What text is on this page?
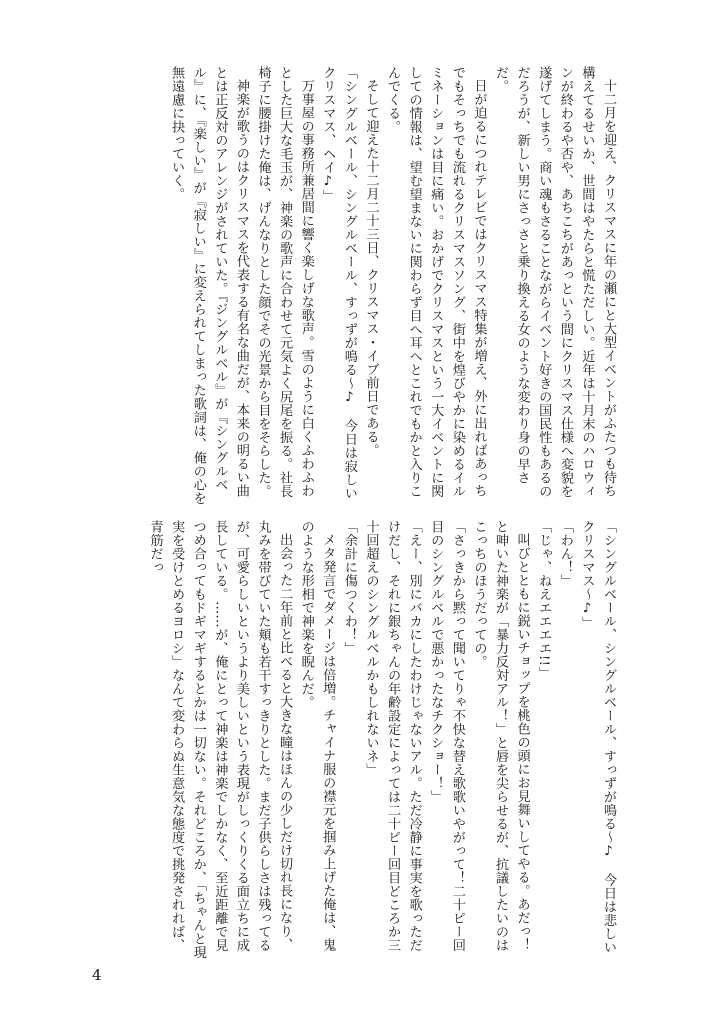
十二月を迎え、クリスマスに年の瀬にと大型イベントがふたつも待ち構えてるせいか、世間はやたらと慌ただしい。近年は十月末のハロウィンが終わるや否や、あちこちがあっという間にクリスマス仕様へ変貌を遂げてしまう。商い魂もさることながらイベント好きの国民性もあるのだろうが、新しい男にさっさと乗り換える女のような変わり身の早さだ。

日が迫るにつれテレビではクリスマス特集が増え、外に出ればあっちでもそっちでも流れるクリスマスソング、街中を煌びやかに染めるイルミネーションは目に痛い。おかげでクリスマスという一大イベントに関しての情報は、望む望まないに関わらず目へ耳へとこれでもかと入りこんでくる。

そして迎えた十二月二十三日、クリスマス・イブ前日である。

「シングルベール、シングルベール、すっずが鳴る〜♪　今日は寂しいクリスマス、ヘイ♪」

万事屋の事務所兼居間に響く楽しげな歌声。雪のように白くふわふわとした巨大な毛玉が、神楽の歌声に合わせて元気よく尻尾を振る。社長椅子に腰掛けた俺は、げんなりとした顔でその光景から目をそらした。

神楽が歌うのはクリスマスを代表する有名な曲だが、本来の明るい曲とは正反対のアレンジがされていた。『ジングルベル』が『シングルベル』に、『楽しい』が『寂しい』に変えられてしまった歌詞は、俺の心を無遠慮に抉っていく。

「シングルベール、シングルベール、すっずが鳴る〜♪　今日は悲しいクリスマス〜♪」

「わん！」

「じゃ、ねえエエエエ!!」

叫びとともに鋭いチョップを桃色の頭にお見舞いしてやる。あだっ！と呻いた神楽が「暴力反対アル！」と唇を尖らせるが、抗議したいのはこっちのほうだっての。

「さっきから黙って聞いてりゃ不快な替え歌歌いやがって！二十ピー回目のシングルベルで悪かったなチクショー！」

「えー、別にバカにしたわけじゃないアル。ただ冷静に事実を歌っただけだし、それに銀ちゃんの年齢設定によっては二十ピー回目どころか三十回超えのシングルベルかもしれないネ」

「余計に傷つくわ！」

メタ発言でダメージは倍増。チャイナ服の襟元を掴み上げた俺は、鬼のような形相で神楽を睨んだ。

出会った二年前と比べると大きな瞳はほんの少しだけ切れ長になり、丸みを帯びていた頬も若干すっきりとした。まだ子供らしさは残ってるが、可愛らしいというより美しいという表現がしっくりくる面立ちに成長している。……が、俺にとって神楽は神楽でしかなく、至近距離で見つめ合ってもドギマギするとかは一切ない。それどころか、「ちゃんと現実を受けとめるヨロシ」なんて変わらぬ生意気な態度で挑発されれば、青筋だっ

4
